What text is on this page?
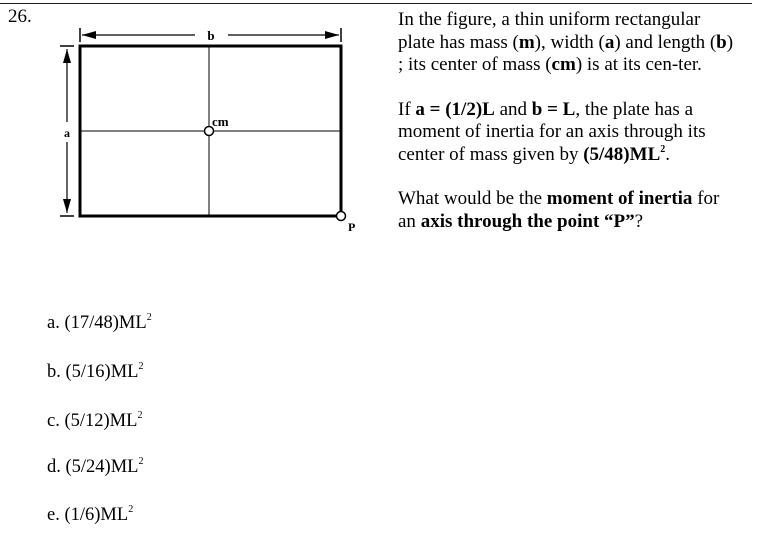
26.
b
a
cm
P

In the figure, a thin uniform rectangular plate has mass (m), width (a) and length (b) ; its center of mass (cm) is at its cen-ter.

If a = (1/2)L and b = L, the plate has a moment of inertia for an axis through its center of mass given by $(5/48)ML^2$.

What would be the moment of inertia for an axis through the point “P”?

a. $(17/48)ML^2$
b. $(5/16)ML^2$
c. $(5/12)ML^2$
d. $(5/24)ML^2$
e. $(1/6)ML^2$
